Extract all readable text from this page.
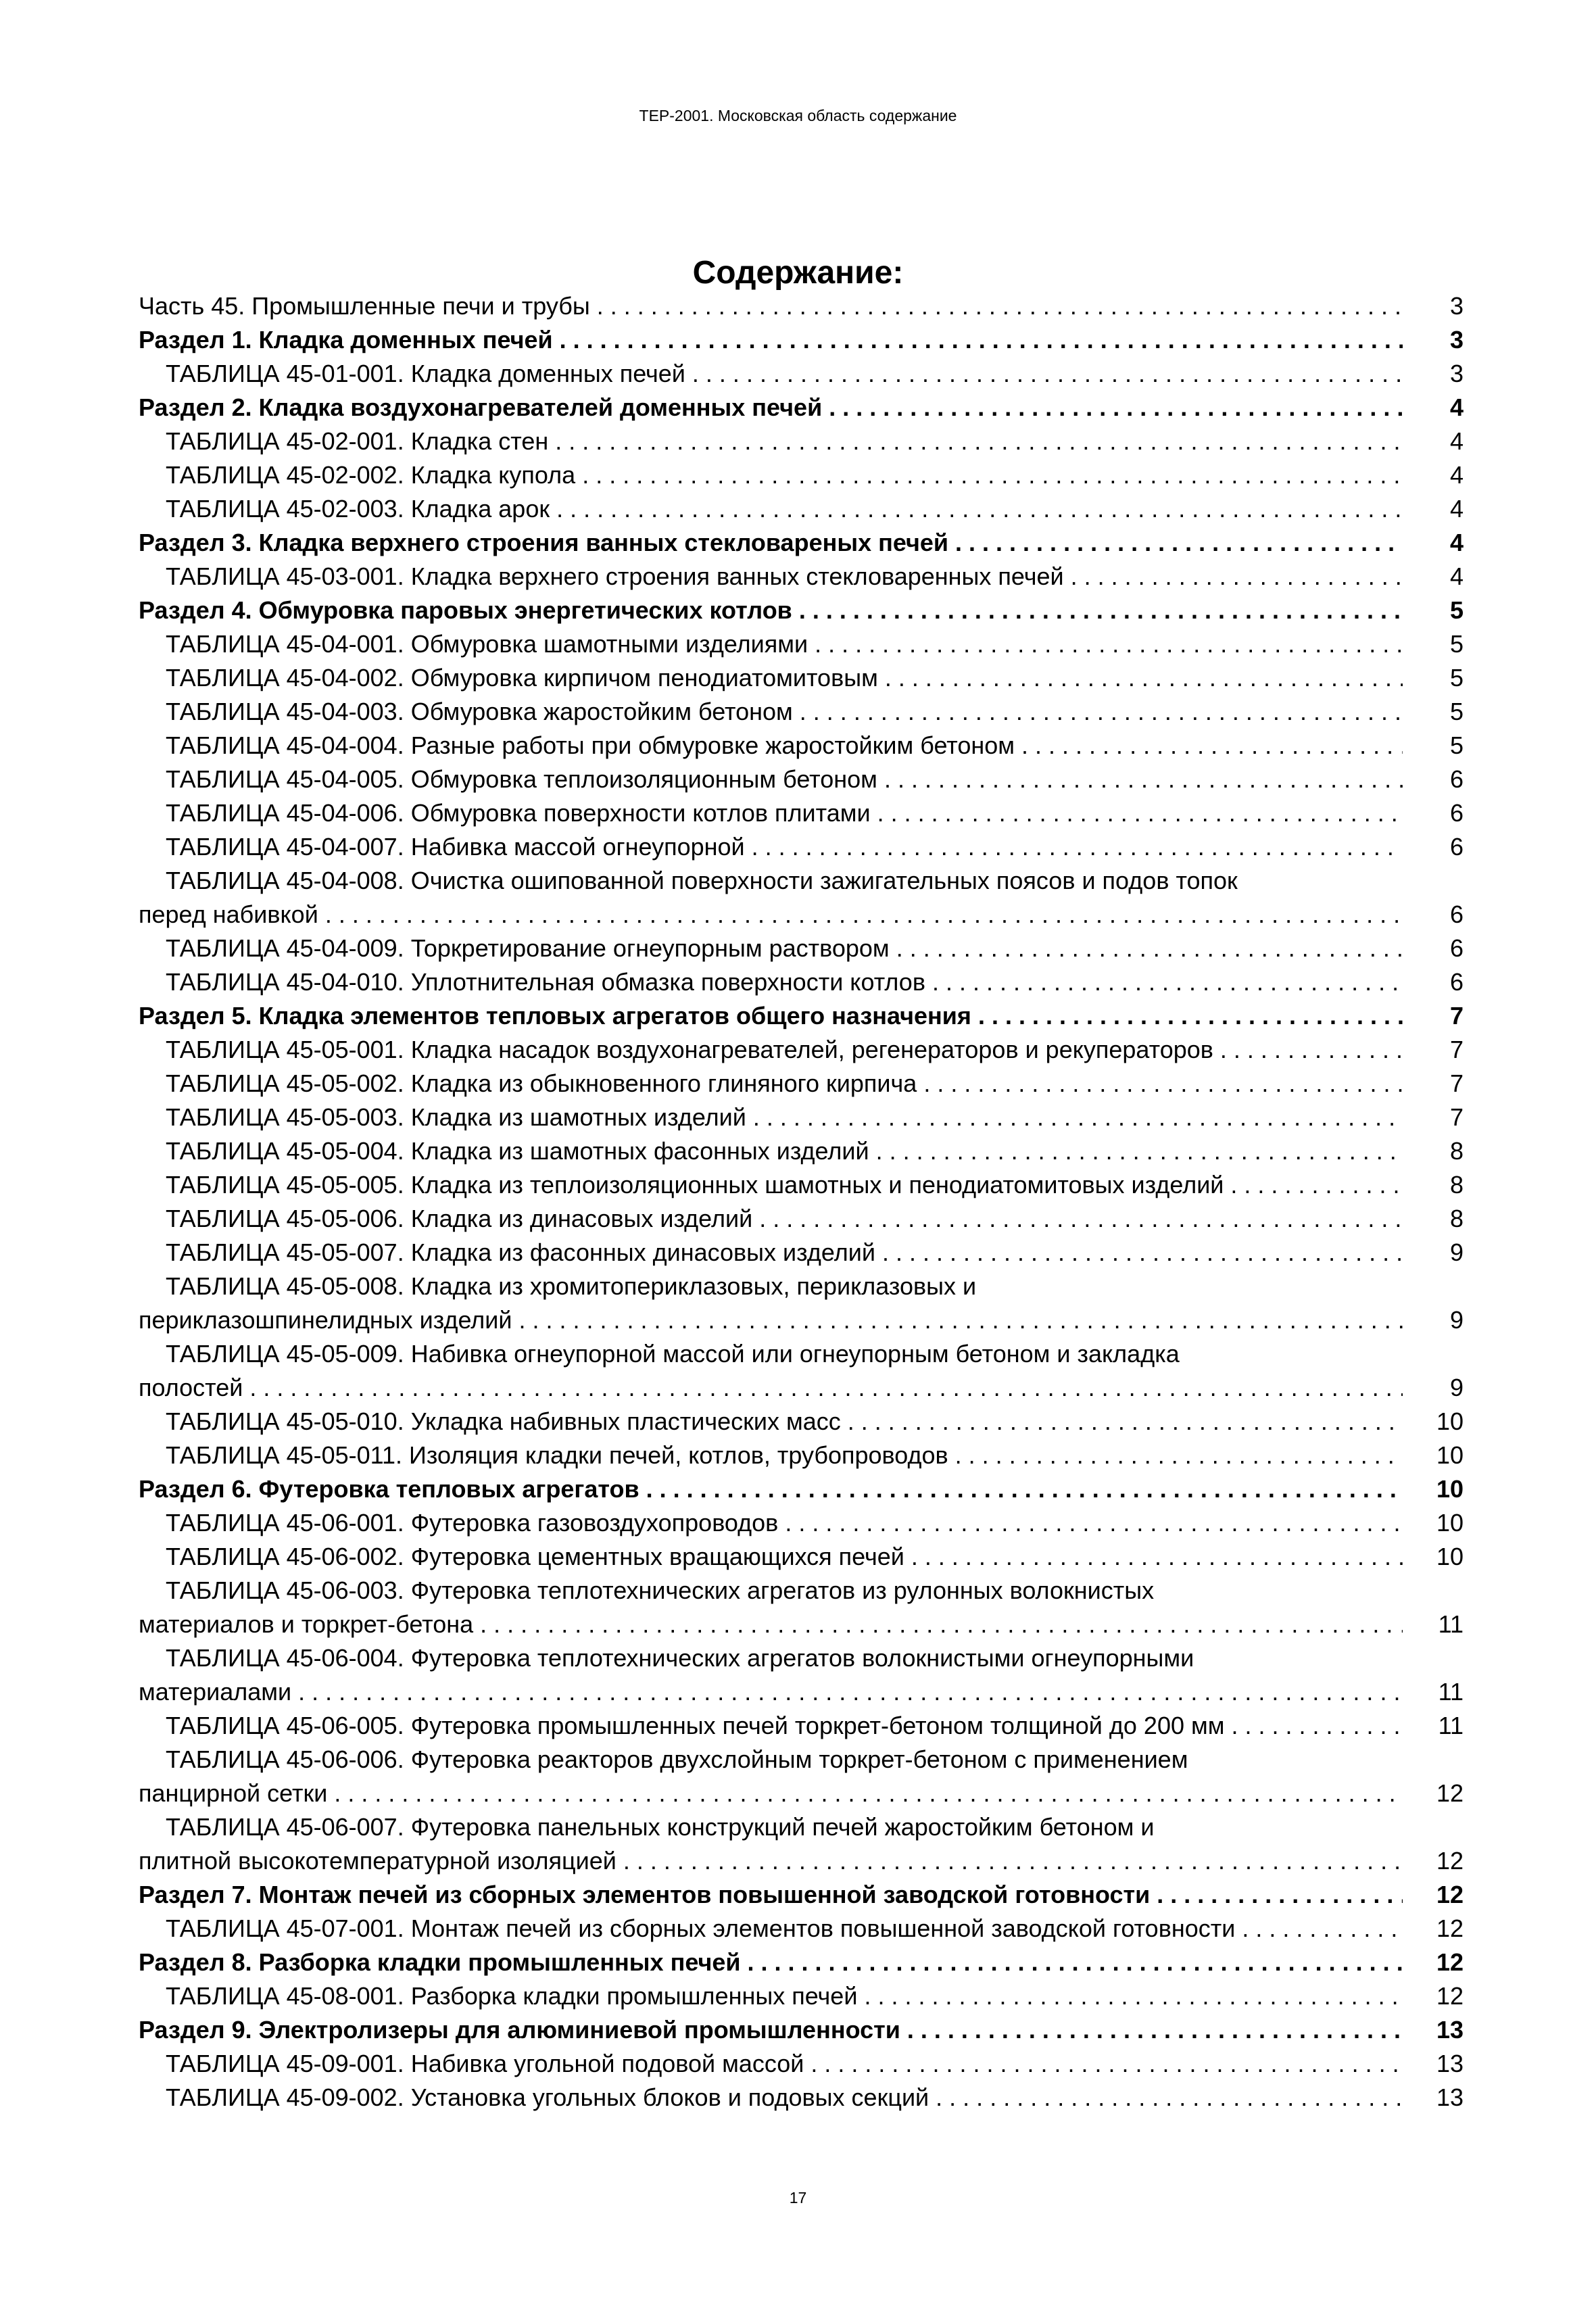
ТЕР-2001. Московская область содержание
Содержание:
Часть 45. Промышленные печи и трубы . . .	3
Раздел 1. Кладка доменных печей . . .	3
ТАБЛИЦА 45-01-001. Кладка доменных печей . . .	3
Раздел 2. Кладка воздухонагревателей доменных печей . . .	4
ТАБЛИЦА 45-02-001. Кладка стен . . .	4
ТАБЛИЦА 45-02-002. Кладка купола . . .	4
ТАБЛИЦА 45-02-003. Кладка арок . . .	4
Раздел 3. Кладка верхнего строения ванных стекловареных печей . . .	4
ТАБЛИЦА 45-03-001. Кладка верхнего строения ванных стекловаренных печей . . .	4
Раздел 4. Обмуровка паровых энергетических котлов . . .	5
ТАБЛИЦА 45-04-001. Обмуровка шамотными изделиями . . .	5
ТАБЛИЦА 45-04-002. Обмуровка кирпичом пенодиатомитовым . . .	5
ТАБЛИЦА 45-04-003. Обмуровка жаростойким бетоном . . .	5
ТАБЛИЦА 45-04-004. Разные работы при обмуровке жаростойким бетоном . . .	5
ТАБЛИЦА 45-04-005. Обмуровка теплоизоляционным бетоном . . .	6
ТАБЛИЦА 45-04-006. Обмуровка поверхности котлов плитами . . .	6
ТАБЛИЦА 45-04-007. Набивка массой огнеупорной . . .	6
ТАБЛИЦА 45-04-008. Очистка ошипованной поверхности зажигательных поясов и подов топок
перед набивкой . . .	6
ТАБЛИЦА 45-04-009. Торкретирование огнеупорным раствором . . .	6
ТАБЛИЦА 45-04-010. Уплотнительная обмазка поверхности котлов . . .	6
Раздел 5. Кладка элементов тепловых агрегатов общего назначения . . .	7
ТАБЛИЦА 45-05-001. Кладка насадок воздухонагревателей, регенераторов и рекуператоров . . .	7
ТАБЛИЦА 45-05-002. Кладка из обыкновенного глиняного кирпича . . .	7
ТАБЛИЦА 45-05-003. Кладка из шамотных изделий . . .	7
ТАБЛИЦА 45-05-004. Кладка из шамотных фасонных изделий . . .	8
ТАБЛИЦА 45-05-005. Кладка из теплоизоляционных шамотных и пенодиатомитовых изделий . . .	8
ТАБЛИЦА 45-05-006. Кладка из динасовых изделий . . .	8
ТАБЛИЦА 45-05-007. Кладка из фасонных динасовых изделий . . .	9
ТАБЛИЦА 45-05-008. Кладка из хромитопериклазовых, периклазовых и
периклазошпинелидных изделий . . .	9
ТАБЛИЦА 45-05-009. Набивка огнеупорной массой или огнеупорным бетоном и закладка
полостей . . .	9
ТАБЛИЦА 45-05-010. Укладка набивных пластических масс . . .	10
ТАБЛИЦА 45-05-011. Изоляция кладки печей, котлов, трубопроводов . . .	10
Раздел 6. Футеровка тепловых агрегатов . . .	10
ТАБЛИЦА 45-06-001. Футеровка газовоздухопроводов . . .	10
ТАБЛИЦА 45-06-002. Футеровка цементных вращающихся печей . . .	10
ТАБЛИЦА 45-06-003. Футеровка теплотехнических агрегатов из рулонных волокнистых
материалов и торкрет-бетона . . .	11
ТАБЛИЦА 45-06-004. Футеровка теплотехнических агрегатов волокнистыми огнеупорными
материалами . . .	11
ТАБЛИЦА 45-06-005. Футеровка промышленных печей торкрет-бетоном толщиной до 200 мм . . .	11
ТАБЛИЦА 45-06-006. Футеровка реакторов двухслойным торкрет-бетоном с применением
панцирной сетки . . .	12
ТАБЛИЦА 45-06-007. Футеровка панельных конструкций печей жаростойким бетоном и
плитной высокотемпературной изоляцией . . .	12
Раздел 7. Монтаж печей из сборных элементов повышенной заводской готовности . . .	12
ТАБЛИЦА 45-07-001. Монтаж печей из сборных элементов повышенной заводской готовности . . .	12
Раздел 8. Разборка кладки промышленных печей . . .	12
ТАБЛИЦА 45-08-001. Разборка кладки промышленных печей . . .	12
Раздел 9. Электролизеры для алюминиевой промышленности . . .	13
ТАБЛИЦА 45-09-001. Набивка угольной подовой массой . . .	13
ТАБЛИЦА 45-09-002. Установка угольных блоков и подовых секций . . .	13
17
